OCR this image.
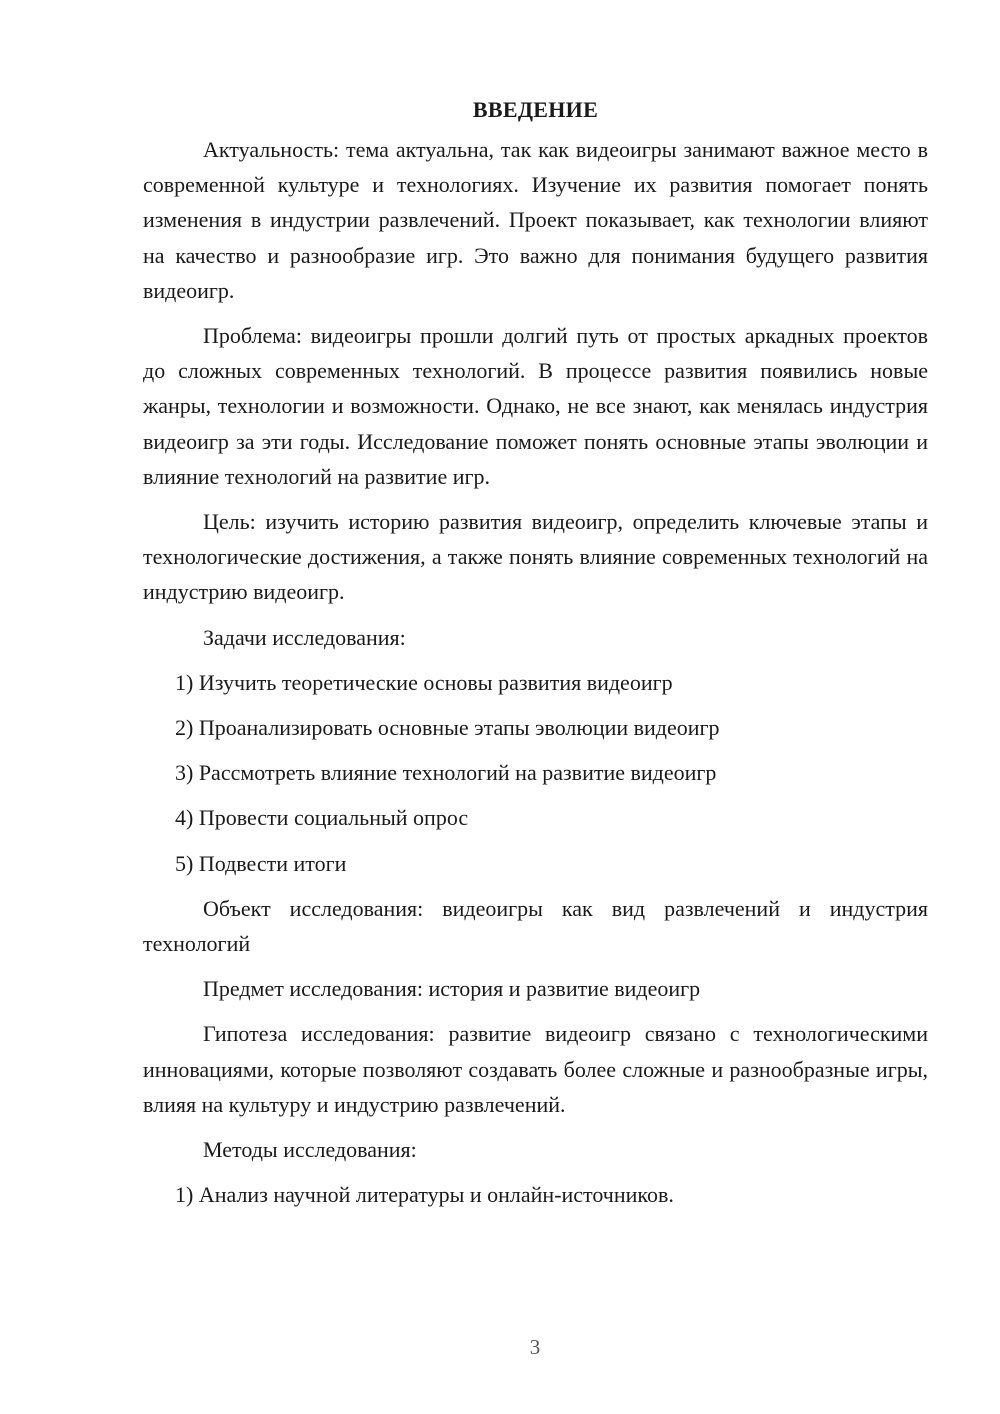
ВВЕДЕНИЕ

Актуальность: тема актуальна, так как видеоигры занимают важное место в современной культуре и технологиях. Изучение их развития помогает понять изменения в индустрии развлечений. Проект показывает, как технологии влияют на качество и разнообразие игр. Это важно для понимания будущего развития видеоигр.

Проблема: видеоигры прошли долгий путь от простых аркадных проектов до сложных современных технологий. В процессе развития появились новые жанры, технологии и возможности. Однако, не все знают, как менялась индустрия видеоигр за эти годы. Исследование поможет понять основные этапы эволюции и влияние технологий на развитие игр.

Цель: изучить историю развития видеоигр, определить ключевые этапы и технологические достижения, а также понять влияние современных технологий на индустрию видеоигр.

Задачи исследования:

1) Изучить теоретические основы развития видеоигр
2) Проанализировать основные этапы эволюции видеоигр
3) Рассмотреть влияние технологий на развитие видеоигр
4) Провести социальный опрос
5) Подвести итоги

Объект исследования: видеоигры как вид развлечений и индустрия технологий

Предмет исследования: история и развитие видеоигр

Гипотеза исследования: развитие видеоигр связано с технологическими инновациями, которые позволяют создавать более сложные и разнообразные игры, влияя на культуру и индустрию развлечений.

Методы исследования:

1) Анализ научной литературы и онлайн-источников.
3
